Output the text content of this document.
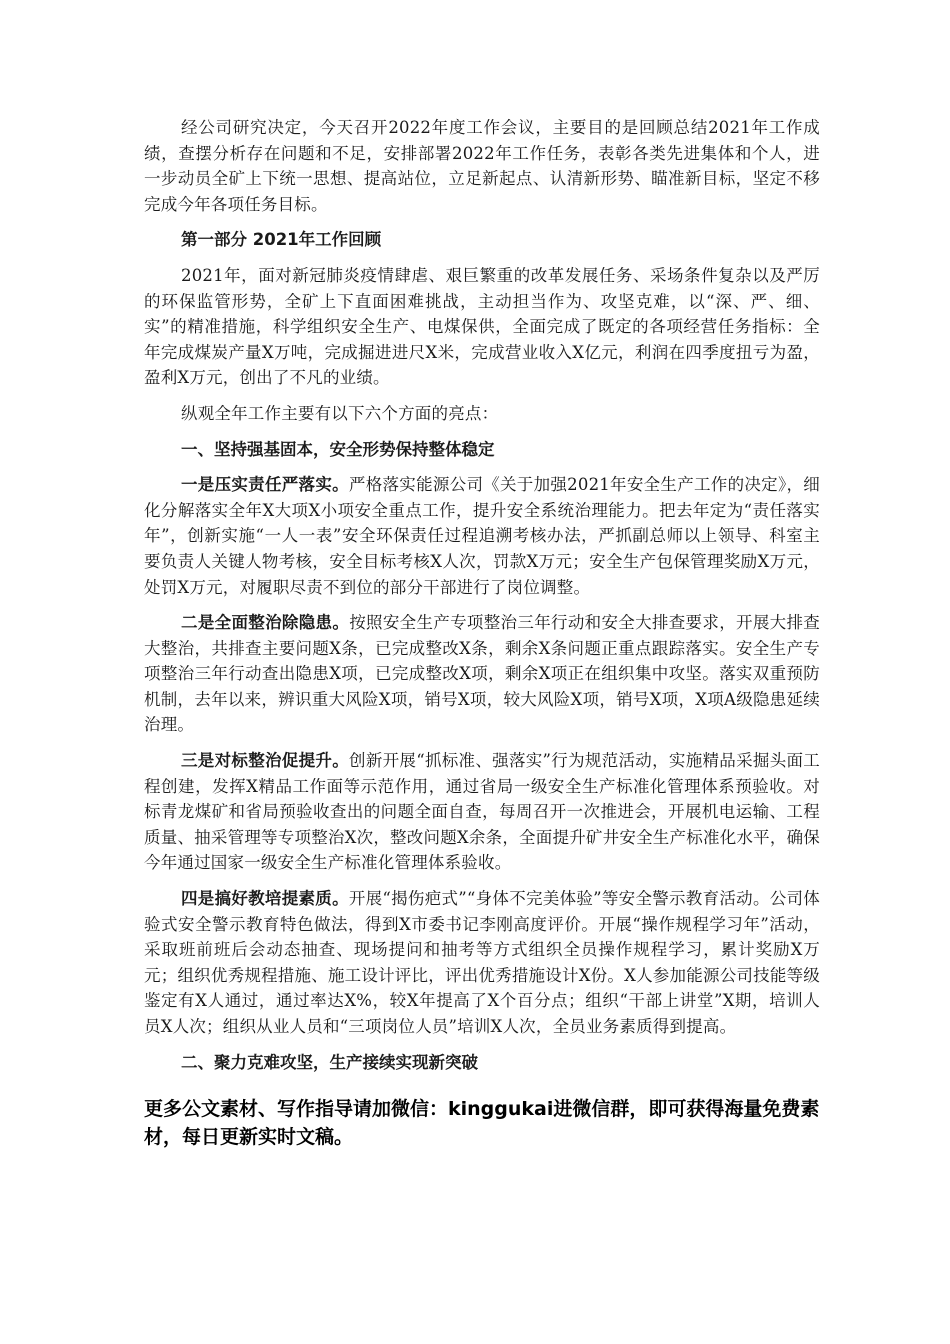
经公司研究决定，今天召开2022年度工作会议，主要目的是回顾总结2021年工作成绩，查摆分析存在问题和不足，安排部署2022年工作任务，表彰各类先进集体和个人，进一步动员全矿上下统一思想、提高站位，立足新起点、认清新形势、瞄准新目标，坚定不移完成今年各项任务目标。

第一部分 2021年工作回顾

2021年，面对新冠肺炎疫情肆虐、艰巨繁重的改革发展任务、采场条件复杂以及严厉的环保监管形势，全矿上下直面困难挑战，主动担当作为、攻坚克难，以“深、严、细、实”的精准措施，科学组织安全生产、电煤保供，全面完成了既定的各项经营任务指标：全年完成煤炭产量X万吨，完成掘进进尺X米，完成营业收入X亿元，利润在四季度扭亏为盈，盈利X万元，创出了不凡的业绩。

纵观全年工作主要有以下六个方面的亮点：

一、坚持强基固本，安全形势保持整体稳定

一是压实责任严落实。严格落实能源公司《关于加强2021年安全生产工作的决定》，细化分解落实全年X大项X小项安全重点工作，提升安全系统治理能力。把去年定为“责任落实年”，创新实施“一人一表”安全环保责任过程追溯考核办法，严抓副总师以上领导、科室主要负责人关键人物考核，安全目标考核X人次，罚款X万元；安全生产包保管理奖励X万元，处罚X万元，对履职尽责不到位的部分干部进行了岗位调整。

二是全面整治除隐患。按照安全生产专项整治三年行动和安全大排查要求，开展大排查大整治，共排查主要问题X条，已完成整改X条，剩余X条问题正重点跟踪落实。安全生产专项整治三年行动查出隐患X项，已完成整改X项，剩余X项正在组织集中攻坚。落实双重预防机制，去年以来，辨识重大风险X项，销号X项，较大风险X项，销号X项，X项A级隐患延续治理。

三是对标整治促提升。创新开展“抓标准、强落实”行为规范活动，实施精品采掘头面工程创建，发挥X精品工作面等示范作用，通过省局一级安全生产标准化管理体系预验收。对标青龙煤矿和省局预验收查出的问题全面自查，每周召开一次推进会，开展机电运输、工程质量、抽采管理等专项整治X次，整改问题X余条，全面提升矿井安全生产标准化水平，确保今年通过国家一级安全生产标准化管理体系验收。

四是搞好教培提素质。开展“揭伤疤式”“身体不完美体验”等安全警示教育活动。公司体验式安全警示教育特色做法，得到X市委书记李刚高度评价。开展“操作规程学习年”活动，采取班前班后会动态抽查、现场提问和抽考等方式组织全员操作规程学习，累计奖励X万元；组织优秀规程措施、施工设计评比，评出优秀措施设计X份。X人参加能源公司技能等级鉴定有X人通过，通过率达X%，较X年提高了X个百分点；组织“干部上讲堂”X期，培训人员X人次；组织从业人员和“三项岗位人员”培训X人次，全员业务素质得到提高。

二、聚力克难攻坚，生产接续实现新突破

更多公文素材、写作指导请加微信：kinggukai进微信群，即可获得海量免费素材，每日更新实时文稿。
